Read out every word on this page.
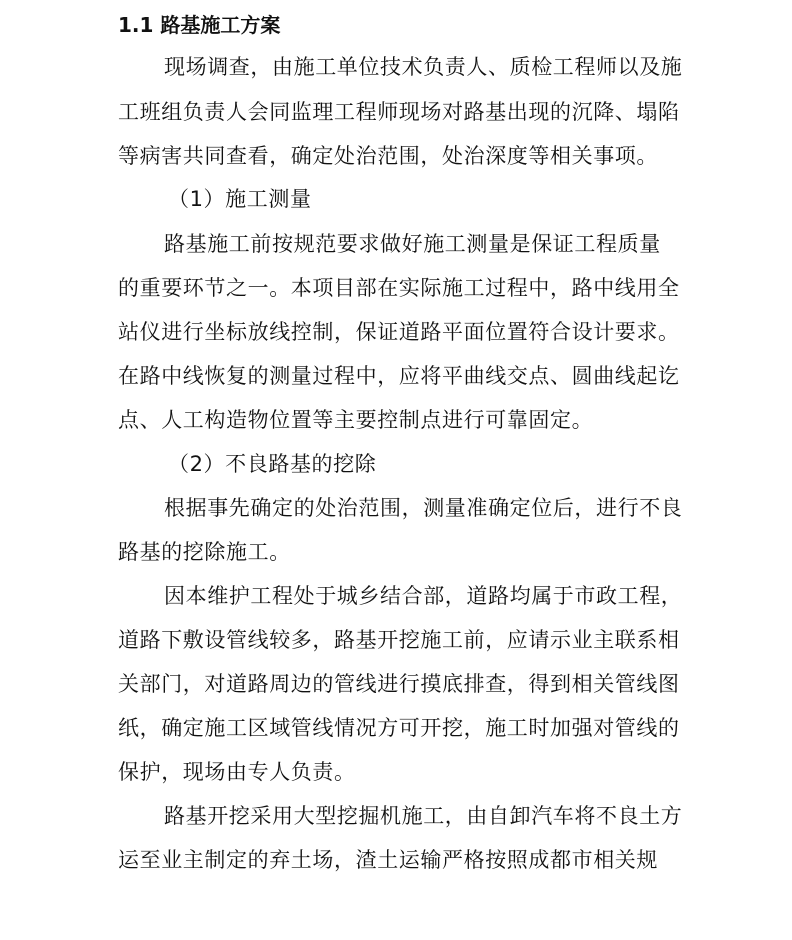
1.1 路基施工方案
现场调查，由施工单位技术负责人、质检工程师以及施
工班组负责人会同监理工程师现场对路基出现的沉降、塌陷
等病害共同查看，确定处治范围，处治深度等相关事项。
（1）施工测量
路基施工前按规范要求做好施工测量是保证工程质量
的重要环节之一。本项目部在实际施工过程中，路中线用全
站仪进行坐标放线控制，保证道路平面位置符合设计要求。
在路中线恢复的测量过程中，应将平曲线交点、圆曲线起讫
点、人工构造物位置等主要控制点进行可靠固定。
（2）不良路基的挖除
根据事先确定的处治范围，测量准确定位后，进行不良
路基的挖除施工。
因本维护工程处于城乡结合部，道路均属于市政工程，
道路下敷设管线较多，路基开挖施工前，应请示业主联系相
关部门，对道路周边的管线进行摸底排查，得到相关管线图
纸，确定施工区域管线情况方可开挖，施工时加强对管线的
保护，现场由专人负责。
路基开挖采用大型挖掘机施工，由自卸汽车将不良土方
运至业主制定的弃土场，渣土运输严格按照成都市相关规
